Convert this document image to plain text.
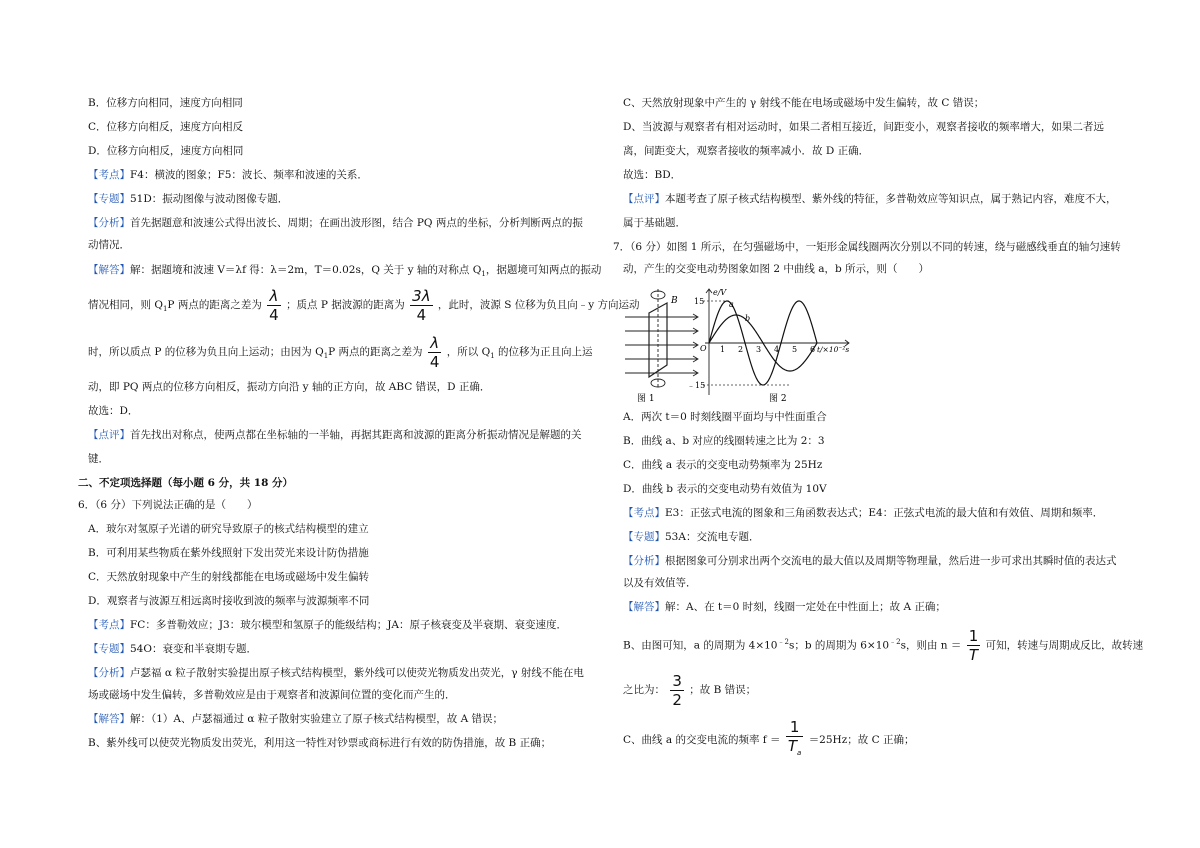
B．位移方向相同，速度方向相同
C．位移方向相反，速度方向相反
D．位移方向相反，速度方向相同
【考点】F4：横波的图象；F5：波长、频率和波速的关系．
【专题】51D：振动图像与波动图像专题．
【分析】首先据题意和波速公式得出波长、周期；在画出波形图，结合 PQ 两点的坐标，分析判断两点的振
动情况．
【解答】解：据题境和波速 V＝λf 得：λ＝2m，T＝0.02s，Q 关于 y 轴的对称点 $Q_1$，据题境可知两点的振动
情况相同，则 $Q_1P$ 两点的距离之差为 $\frac{\lambda}{4}$ ；质点 P 据波源的距离为 $\frac{3\lambda}{4}$ ，此时，波源 S 位移为负且向﹣y 方向运动
时，所以质点 P 的位移为负且向上运动；由因为 $Q_1P$ 两点的距离之差为 $\frac{\lambda}{4}$ ，所以 $Q_1$ 的位移为正且向上运
动，即 PQ 两点的位移方向相反，振动方向沿 y 轴的正方向，故 ABC 错误，D 正确．
故选：D．
【点评】首先找出对称点，使两点都在坐标轴的一半轴，再据其距离和波源的距离分析振动情况是解题的关
键．
二、不定项选择题（每小题 6 分，共 18 分）
6．（6 分）下列说法正确的是（　　）
A．玻尔对氢原子光谱的研究导致原子的核式结构模型的建立
B．可利用某些物质在紫外线照射下发出荧光来设计防伪措施
C．天然放射现象中产生的射线都能在电场或磁场中发生偏转
D．观察者与波源互相远离时接收到波的频率与波源频率不同
【考点】FC：多普勒效应；J3：玻尔模型和氢原子的能级结构；JA：原子核衰变及半衰期、衰变速度．
【专题】54O：衰变和半衰期专题．
【分析】卢瑟福 α 粒子散射实验提出原子核式结构模型，紫外线可以使荧光物质发出荧光，γ 射线不能在电
场或磁场中发生偏转，多普勒效应是由于观察者和波源间位置的变化而产生的．
【解答】解：（1）A、卢瑟福通过 α 粒子散射实验建立了原子核式结构模型，故 A 错误；
B、紫外线可以使荧光物质发出荧光，利用这一特性对钞票或商标进行有效的防伪措施，故 B 正确；
C、天然放射现象中产生的 γ 射线不能在电场或磁场中发生偏转，故 C 错误；
D、当波源与观察者有相对运动时，如果二者相互接近，间距变小，观察者接收的频率增大，如果二者远
离，间距变大，观察者接收的频率减小．故 D 正确．
故选：BD．
【点评】本题考查了原子核式结构模型、紫外线的特征，多普勒效应等知识点，属于熟记内容，难度不大，
属于基础题．
7．（6 分）如图 1 所示，在匀强磁场中，一矩形金属线圈两次分别以不同的转速，绕与磁感线垂直的轴匀速转
动，产生的交变电动势图象如图 2 中曲线 a，b 所示，则（　　）
B
图 1
e/V
15
﹣15
O 1 2 3 4 5 6 t/×10⁻²s
a
b
图 2
A．两次 t＝0 时刻线圈平面均与中性面重合
B．曲线 a、b 对应的线圈转速之比为 2：3
C．曲线 a 表示的交变电动势频率为 25Hz
D．曲线 b 表示的交变电动势有效值为 10V
【考点】E3：正弦式电流的图象和三角函数表达式；E4：正弦式电流的最大值和有效值、周期和频率．
【专题】53A：交流电专题．
【分析】根据图象可分别求出两个交流电的最大值以及周期等物理量，然后进一步可求出其瞬时值的表达式
以及有效值等．
【解答】解：A、在 t＝0 时刻，线圈一定处在中性面上；故 A 正确；
B、由图可知，a 的周期为 $4\times 10^{﹣2}s$；b 的周期为 $6\times 10^{﹣2}s$，则由 $n = \frac{1}{T}$ 可知，转速与周期成反比，故转速
之比为： $\frac{3}{2}$ ；故 B 错误；
C、曲线 a 的交变电流的频率 $f = \frac{1}{T_a} =25Hz$；故 C 正确；
